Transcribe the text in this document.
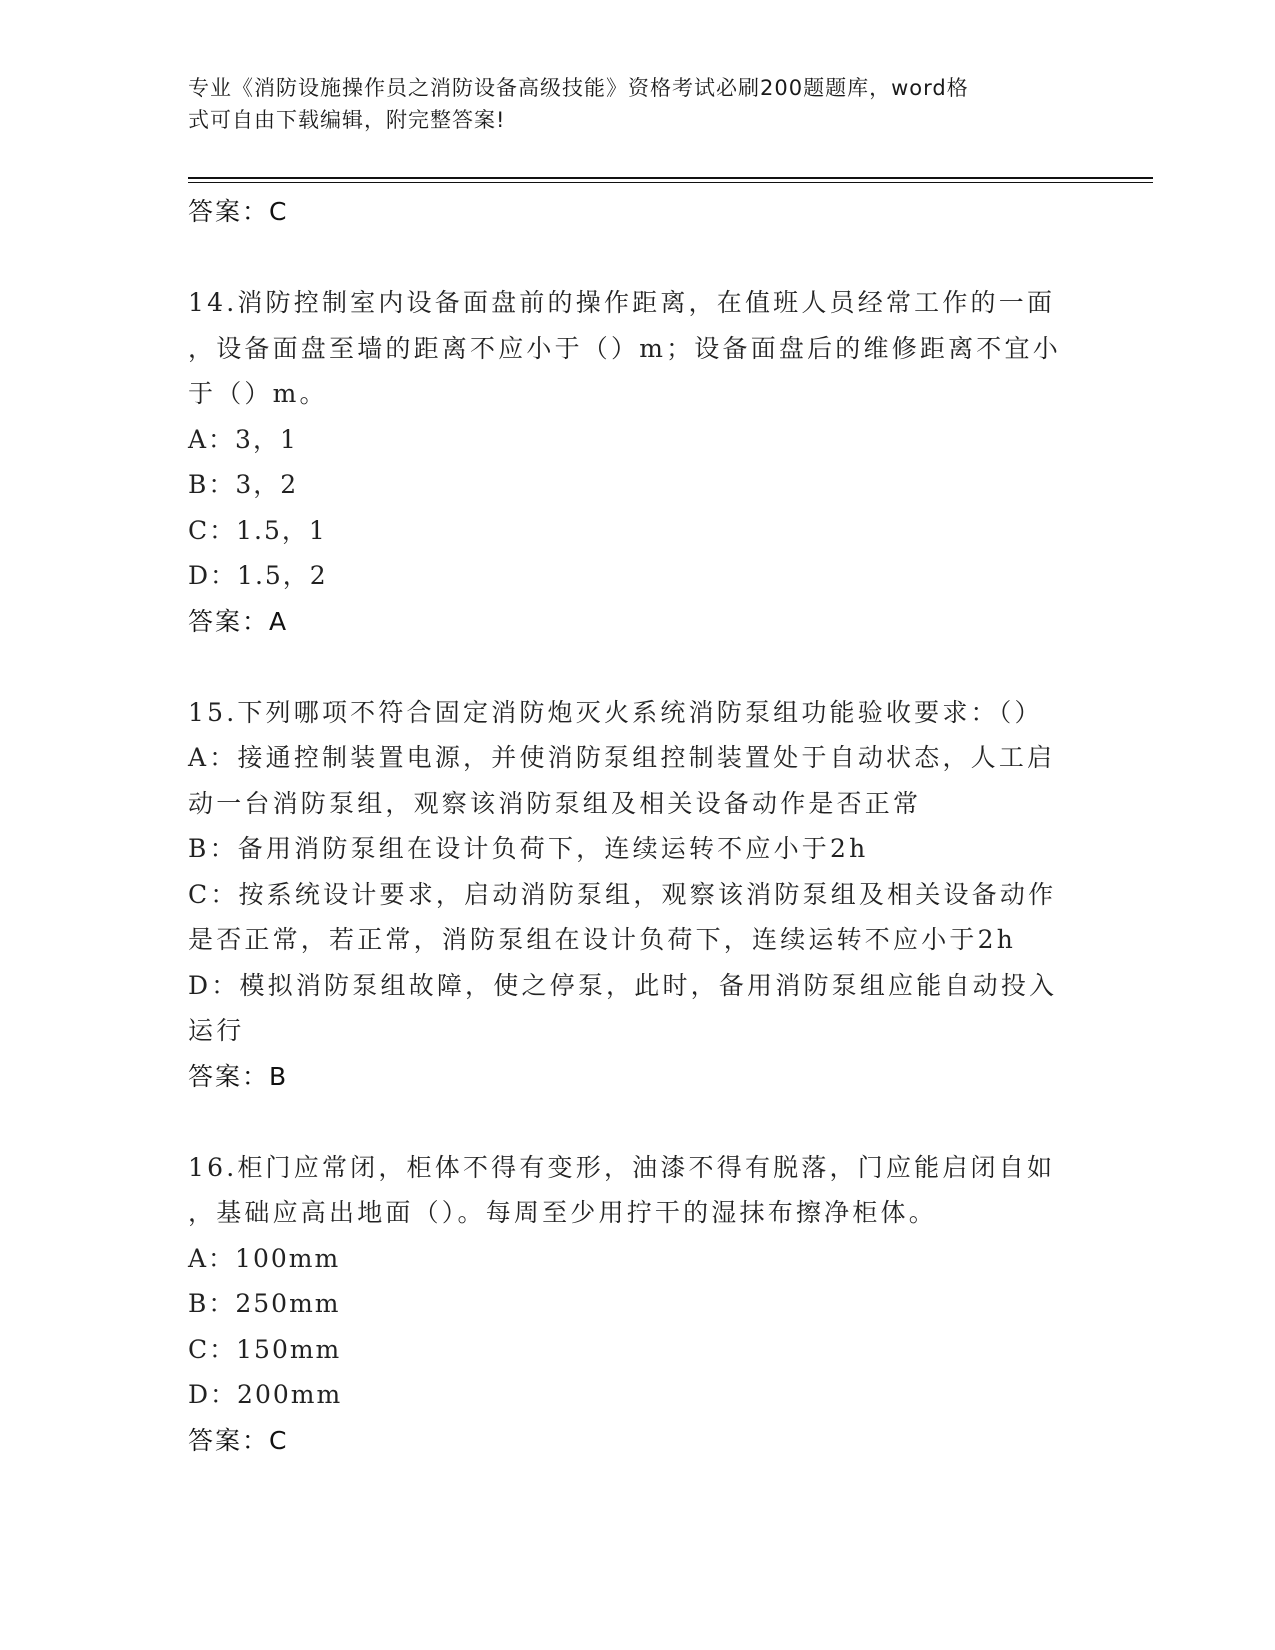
专业《消防设施操作员之消防设备高级技能》资格考试必刷200题题库，word格
式可自由下载编辑，附完整答案!
答案：C
14.消防控制室内设备面盘前的操作距离，在值班人员经常工作的一面
，设备面盘至墙的距离不应小于（）m；设备面盘后的维修距离不宜小
于（）m。
A：3，1
B：3，2
C：1.5，1
D：1.5，2
答案：A
15.下列哪项不符合固定消防炮灭火系统消防泵组功能验收要求：（）
A：接通控制装置电源，并使消防泵组控制装置处于自动状态，人工启
动一台消防泵组，观察该消防泵组及相关设备动作是否正常
B：备用消防泵组在设计负荷下，连续运转不应小于2h
C：按系统设计要求，启动消防泵组，观察该消防泵组及相关设备动作
是否正常，若正常，消防泵组在设计负荷下，连续运转不应小于2h
D：模拟消防泵组故障，使之停泵，此时，备用消防泵组应能自动投入
运行
答案：B
16.柜门应常闭，柜体不得有变形，油漆不得有脱落，门应能启闭自如
，基础应高出地面（）。每周至少用拧干的湿抹布擦净柜体。
A：100mm
B：250mm
C：150mm
D：200mm
答案：C
